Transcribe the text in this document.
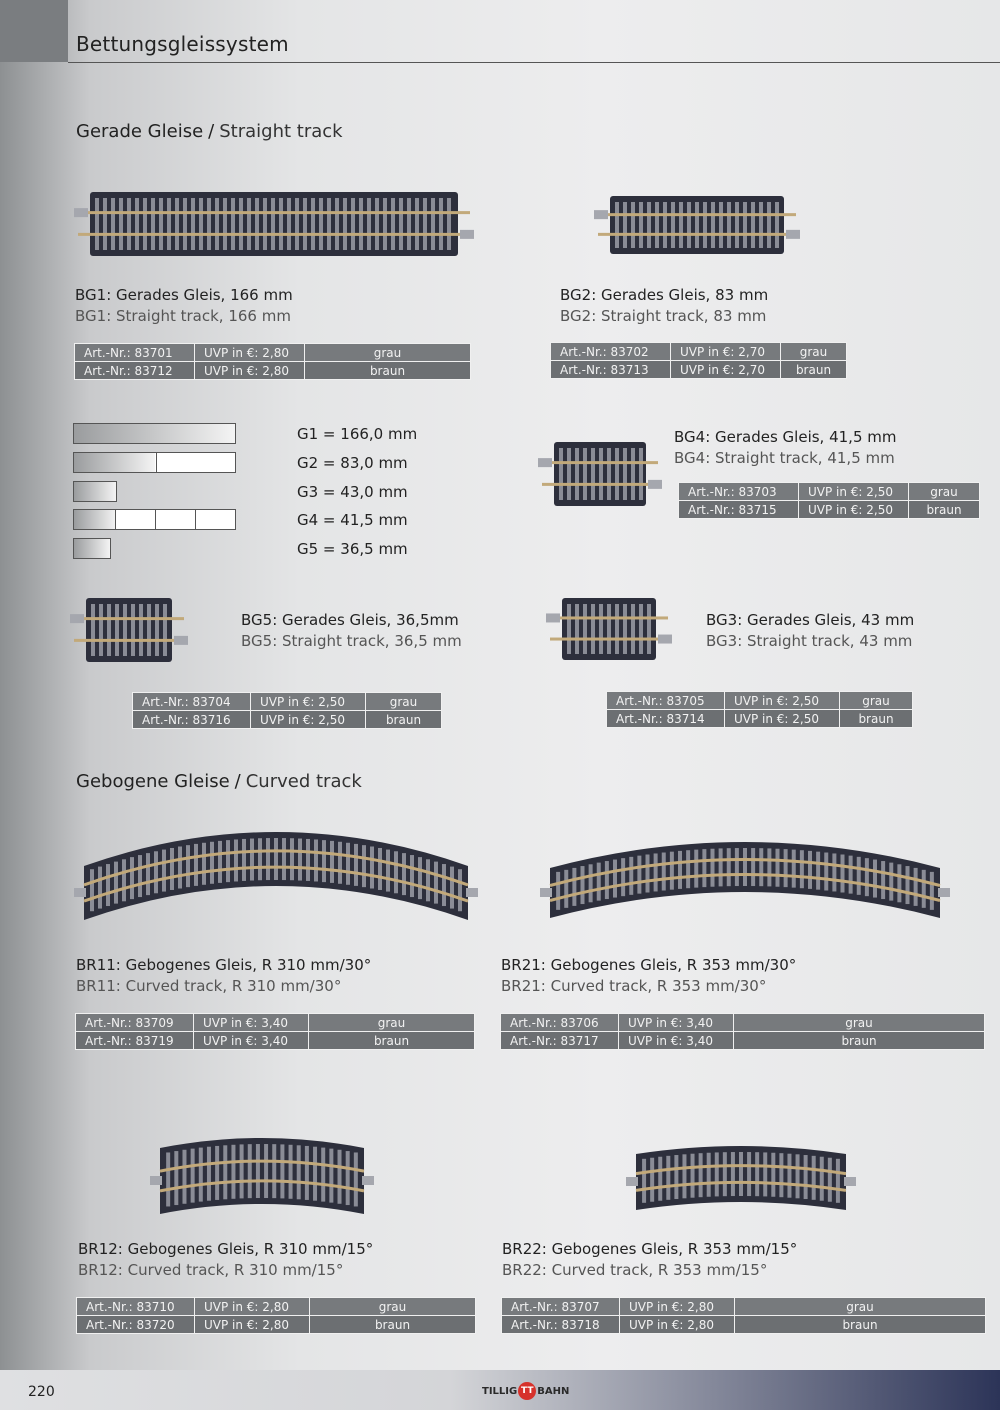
Bettungsgleissystem
Gerade Gleise / Straight track
BG1: Gerades Gleis, 166 mm
BG1: Straight track, 166 mm
Art.-Nr.: 83701	UVP in €: 2,80	grau
Art.-Nr.: 83712	UVP in €: 2,80	braun
BG2: Gerades Gleis, 83 mm
BG2: Straight track, 83 mm
Art.-Nr.: 83702	UVP in €: 2,70	grau
Art.-Nr.: 83713	UVP in €: 2,70	braun
G1 = 166,0 mm
G2 = 83,0 mm
G3 = 43,0 mm
G4 = 41,5 mm
G5 = 36,5 mm
BG4: Gerades Gleis, 41,5 mm
BG4: Straight track, 41,5 mm
Art.-Nr.: 83703	UVP in €: 2,50	grau
Art.-Nr.: 83715	UVP in €: 2,50	braun
BG5: Gerades Gleis, 36,5mm
BG5: Straight track, 36,5 mm
Art.-Nr.: 83704	UVP in €: 2,50	grau
Art.-Nr.: 83716	UVP in €: 2,50	braun
BG3: Gerades Gleis, 43 mm
BG3: Straight track, 43 mm
Art.-Nr.: 83705	UVP in €: 2,50	grau
Art.-Nr.: 83714	UVP in €: 2,50	braun
Gebogene Gleise / Curved track
BR11: Gebogenes Gleis, R 310 mm/30°
BR11: Curved track, R 310 mm/30°
Art.-Nr.: 83709	UVP in €: 3,40	grau
Art.-Nr.: 83719	UVP in €: 3,40	braun
BR21: Gebogenes Gleis, R 353 mm/30°
BR21: Curved track, R 353 mm/30°
Art.-Nr.: 83706	UVP in €: 3,40	grau
Art.-Nr.: 83717	UVP in €: 3,40	braun
BR12: Gebogenes Gleis, R 310 mm/15°
BR12: Curved track, R 310 mm/15°
Art.-Nr.: 83710	UVP in €: 2,80	grau
Art.-Nr.: 83720	UVP in €: 2,80	braun
BR22: Gebogenes Gleis, R 353 mm/15°
BR22: Curved track, R 353 mm/15°
Art.-Nr.: 83707	UVP in €: 2,80	grau
Art.-Nr.: 83718	UVP in €: 2,80	braun
220	TILLIG TT BAHN
